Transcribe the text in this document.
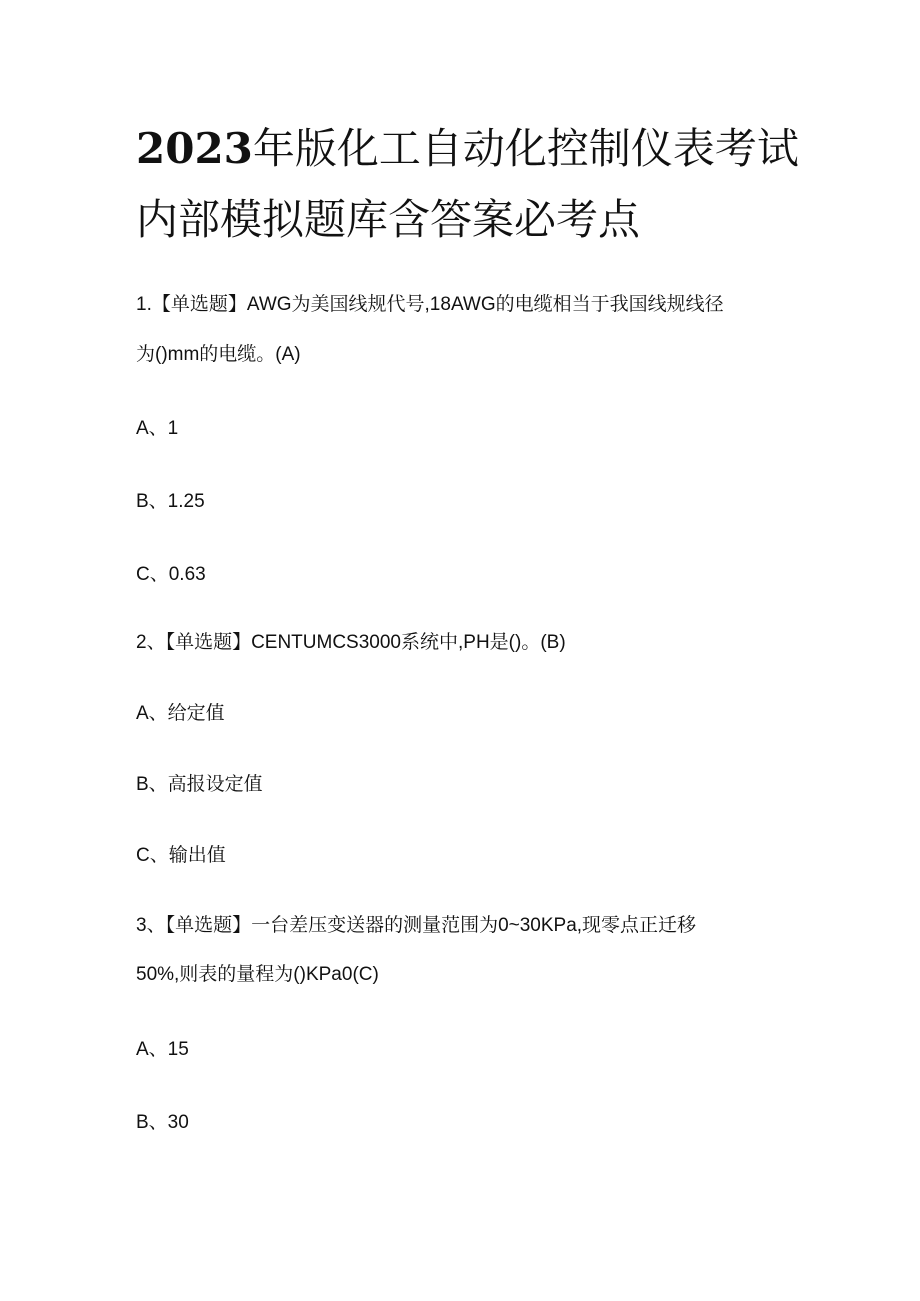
2023年版化工自动化控制仪表考试
内部模拟题库含答案必考点
1.【单选题】AWG为美国线规代号,18AWG的电缆相当于我国线规线径
为()mm的电缆。(A)
A、1
B、1.25
C、0.63
2、【单选题】CENTUMCS3000系统中,PH是()。(B)
A、给定值
B、高报设定值
C、输出值
3、【单选题】一台差压变送器的测量范围为0~30KPa,现零点正迁移
50%,则表的量程为()KPa0(C)
A、15
B、30
